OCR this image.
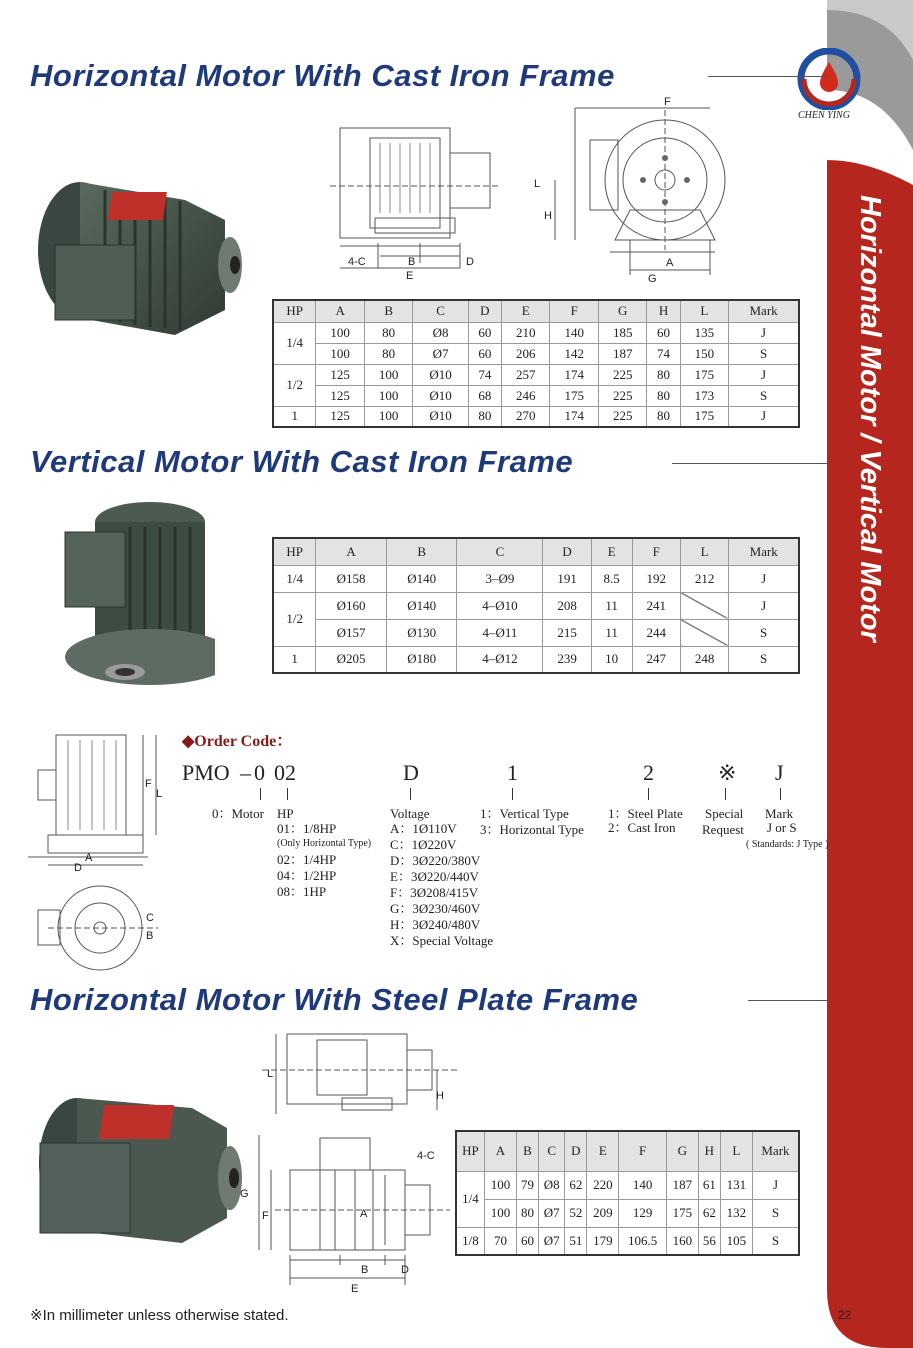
CHEN YING
Horizontal Motor / Vertical Motor
Horizontal Motor With Cast Iron Frame
4-C	B	D
E
F
L
H
A
G
HP	A	B	C	D	E	F	G	H	L	Mark
1/4	100	80	Ø8	60	210	140	185	60	135	J
	100	80	Ø7	60	206	142	187	74	150	S
1/2	125	100	Ø10	74	257	174	225	80	175	J
	125	100	Ø10	68	246	175	225	80	173	S
1	125	100	Ø10	80	270	174	225	80	175	J
Vertical Motor With Cast Iron Frame
HP	A	B	C	D	E	F	L	Mark
1/4	Ø158	Ø140	3–Ø9	191	8.5	192	212	J
1/2	Ø160	Ø140	4–Ø10	208	11	241		J
	Ø157	Ø130	4–Ø11	215	11	244		S
1	Ø205	Ø180	4–Ø12	239	10	247	248	S
F
L
A
D
C
B
◆Order Code：
PMO – 0 02	D	1	2	※ J
0：Motor HP
01：1/8HP
(Only Horizontal Type)
02：1/4HP
04：1/2HP
08：1HP
Voltage
A：1Ø110V
C：1Ø220V
D：3Ø220/380V
E：3Ø220/440V
F：3Ø208/415V
G：3Ø230/460V
H：3Ø240/480V
X：Special Voltage
1：Vertical Type
3：Horizontal Type
1：Steel Plate
2：Cast Iron
Special
Request
Mark
J or S
( Standards: J Type )
Horizontal Motor With Steel Plate Frame
L
H
4-C
G
F	A
B	D
E
HP	A	B	C	D	E	F	G	H	L	Mark
1/4	100	79	Ø8	62	220	140	187	61	131	J
	100	80	Ø7	52	209	129	175	62	132	S
1/8	70	60	Ø7	51	179	106.5	160	56	105	S
※In millimeter unless otherwise stated.	22
